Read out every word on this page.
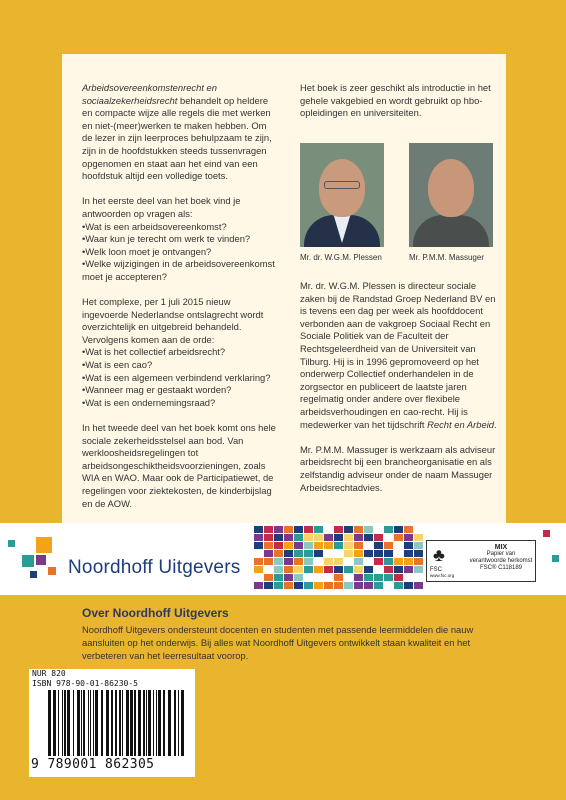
Arbeidsovereenkomstenrecht en sociaalzekerheidsrecht behandelt op heldere en compacte wijze alle regels die met werken en niet-(meer)werken te maken hebben. Om de lezer in zijn leerproces behulpzaam te zijn, zijn in de hoofdstukken steeds tussenvragen opgenomen en staat aan het eind van een hoofdstuk altijd een volledige toets.

In het eerste deel van het boek vind je antwoorden op vragen als:

• Wat is een arbeidsovereenkomst?
• Waar kun je terecht om werk te vinden?
• Welk loon moet je ontvangen?
• Welke wijzigingen in de arbeidsovereenkomst moet je accepteren?

Het complexe, per 1 juli 2015 nieuw ingevoerde Nederlandse ontslagrecht wordt overzichtelijk en uitgebreid behandeld. Vervolgens komen aan de orde:

• Wat is het collectief arbeidsrecht?
• Wat is een cao?
• Wat is een algemeen verbindend verklaring?
• Wanneer mag er gestaakt worden?
• Wat is een ondernemingsraad?

In het tweede deel van het boek komt ons hele sociale zekerheidsstelsel aan bod. Van werkloosheidsregelingen tot arbeidsongeschiktheidsvoorzieningen, zoals WIA en WAO. Maar ook de Participatiewet, de regelingen voor ziektekosten, de kinderbijslag en de AOW.

Het boek is zeer geschikt als introductie in het gehele vakgebied en wordt gebruikt op hbo-opleidingen en universiteiten.

Mr. dr. W.G.M. Plessen	Mr. P.M.M. Massuger

Mr. dr. W.G.M. Plessen is directeur sociale zaken bij de Randstad Groep Nederland BV en is tevens een dag per week als hoofddocent verbonden aan de vakgroep Sociaal Recht en Sociale Politiek van de Faculteit der Rechtsgeleerdheid van de Universiteit van Tilburg. Hij is in 1996 gepromoveerd op het onderwerp Collectief onderhandelen in de zorgsector en publiceert de laatste jaren regelmatig onder andere over flexibele arbeidsverhoudingen en cao-recht. Hij is medewerker van het tijdschrift Recht en Arbeid.

Mr. P.M.M. Massuger is werkzaam als adviseur arbeidsrecht bij een brancheorganisatie en als zelfstandig adviseur onder de naam Massuger Arbeidsrechtadvies.

Noordhoff Uitgevers
♣
FSC
www.fsc.org
MIX
Papier van verantwoorde herkomst
FSC® C118189
Over Noordhoff Uitgevers
Noordhoff Uitgevers ondersteunt docenten en studenten met passende leermiddelen die nauw aansluiten op het onderwijs. Bij alles wat Noordhoff Uitgevers ontwikkelt staan kwaliteit en het verbeteren van het leerresultaat voorop.
NUR 820
ISBN 978-90-01-86230-5
9 789001 862305
